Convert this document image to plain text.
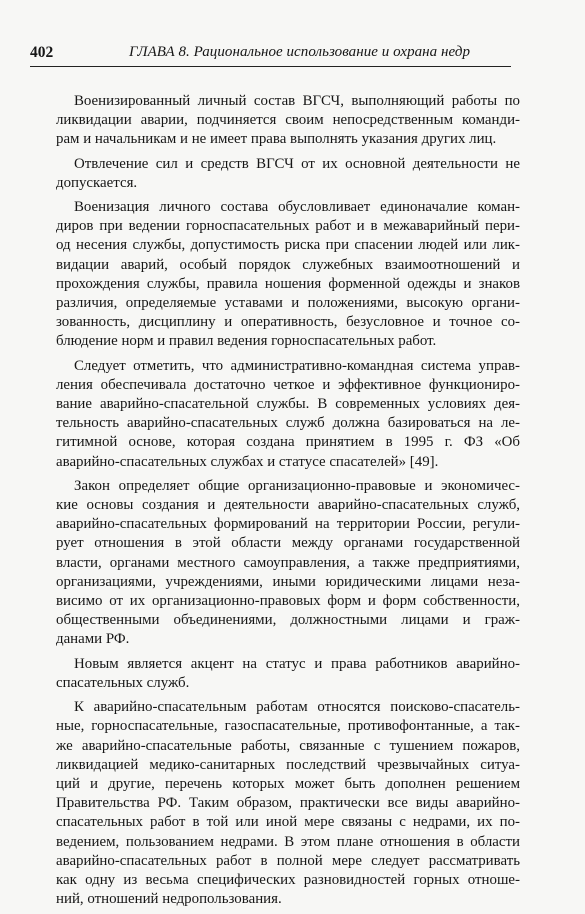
402	ГЛАВА 8. Рациональное использование и охрана недр

Военизированный личный состав ВГСЧ, выполняющий работы по
ликвидации аварии, подчиняется своим непосредственным команди-
рам и начальникам и не имеет права выполнять указания других лиц.

Отвлечение сил и средств ВГСЧ от их основной деятельности не
допускается.

Военизация личного состава обусловливает единоначалие коман-
диров при ведении горноспасательных работ и в межаварийный пери-
од несения службы, допустимость риска при спасении людей или лик-
видации аварий, особый порядок служебных взаимоотношений и
прохождения службы, правила ношения форменной одежды и знаков
различия, определяемые уставами и положениями, высокую органи-
зованность, дисциплину и оперативность, безусловное и точное со-
блюдение норм и правил ведения горноспасательных работ.

Следует отметить, что административно-командная система управ-
ления обеспечивала достаточно четкое и эффективное функциониро-
вание аварийно-спасательной службы. В современных условиях дея-
тельность аварийно-спасательных служб должна базироваться на ле-
гитимной основе, которая создана принятием в 1995 г. ФЗ «Об
аварийно-спасательных службах и статусе спасателей» [49].

Закон определяет общие организационно-правовые и экономичес-
кие основы создания и деятельности аварийно-спасательных служб,
аварийно-спасательных формирований на территории России, регули-
рует отношения в этой области между органами государственной
власти, органами местного самоуправления, а также предприятиями,
организациями, учреждениями, иными юридическими лицами неза-
висимо от их организационно-правовых форм и форм собственности,
общественными объединениями, должностными лицами и граж-
данами РФ.

Новым является акцент на статус и права работников аварийно-
спасательных служб.

К аварийно-спасательным работам относятся поисково-спасатель-
ные, горноспасательные, газоспасательные, противофонтанные, а так-
же аварийно-спасательные работы, связанные с тушением пожаров,
ликвидацией медико-санитарных последствий чрезвычайных ситуа-
ций и другие, перечень которых может быть дополнен решением
Правительства РФ. Таким образом, практически все виды аварийно-
спасательных работ в той или иной мере связаны с недрами, их по-
ведением, пользованием недрами. В этом плане отношения в области
аварийно-спасательных работ в полной мере следует рассматривать
как одну из весьма специфических разновидностей горных отноше-
ний, отношений недропользования.
